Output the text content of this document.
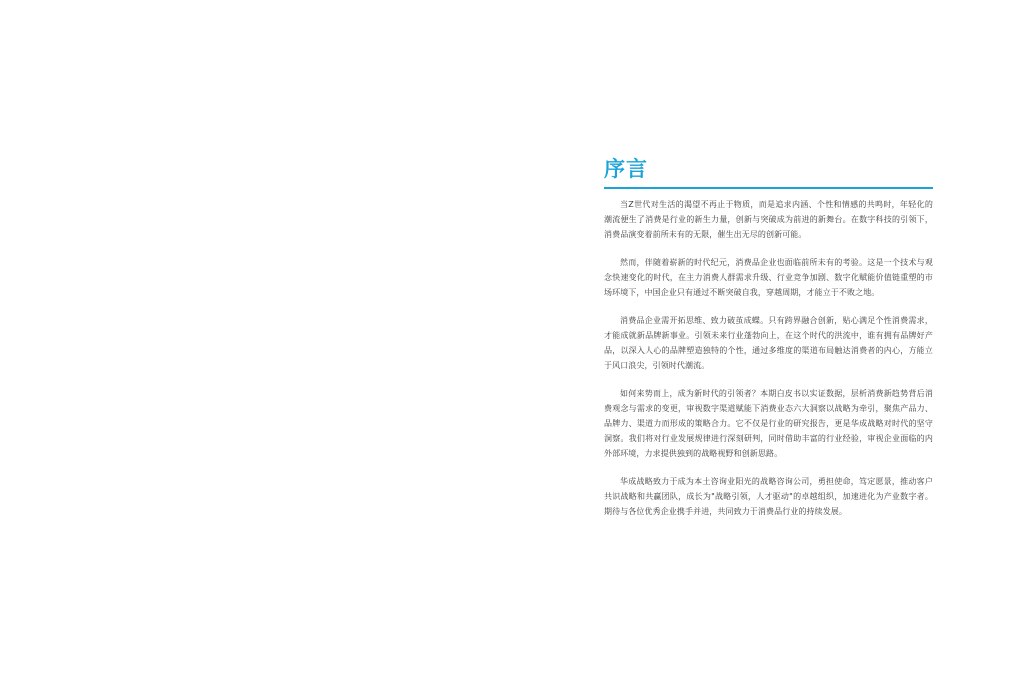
序言

当Z世代对生活的渴望不再止于物质，而是追求内涵、个性和情感的共鸣时，年轻化的潮流便生了消费是行业的新生力量，创新与突破成为前进的新舞台。在数字科技的引领下，消费品演变着前所未有的无限，催生出无尽的创新可能。

然而，伴随着崭新的时代纪元，消费品企业也面临前所未有的考验。这是一个技术与观念快速变化的时代，在主力消费人群需求升级、行业竞争加剧、数字化赋能价值链重塑的市场环境下，中国企业只有通过不断突破自我，穿越周期，才能立于不败之地。

消费品企业需开拓思维、致力破茧成蝶。只有跨界融合创新，贴心满足个性消费需求，才能成就新品牌新事业。引领未来行业蓬勃向上，在这个时代的洪流中，谁有拥有品牌好产品，以深入人心的品牌塑造独特的个性，通过多维度的渠道布局触达消费者的内心，方能立于风口浪尖，引领时代潮流。

如何来势而上，成为新时代的引领者？本期白皮书以实证数据，层析消费新趋势背后消费观念与需求的变更，审视数字渠道赋能下消费业态六大洞察以战略为牵引，聚焦产品力、品牌力、渠道力而形成的策略合力。它不仅是行业的研究报告，更是华成战略对时代的坚守洞察。我们将对行业发展规律进行深刻研判，同时借助丰富的行业经验，审视企业面临的内外部环境，力求提供独到的战略视野和创新思路。

华成战略致力于成为本土咨询业阳光的战略咨询公司，勇担使命，笃定愿景，推动客户共识战略和共赢团队，成长为"战略引领，人才驱动"的卓越组织，加速进化为产业数字者。期待与各位优秀企业携手并进，共同致力于消费品行业的持续发展。
